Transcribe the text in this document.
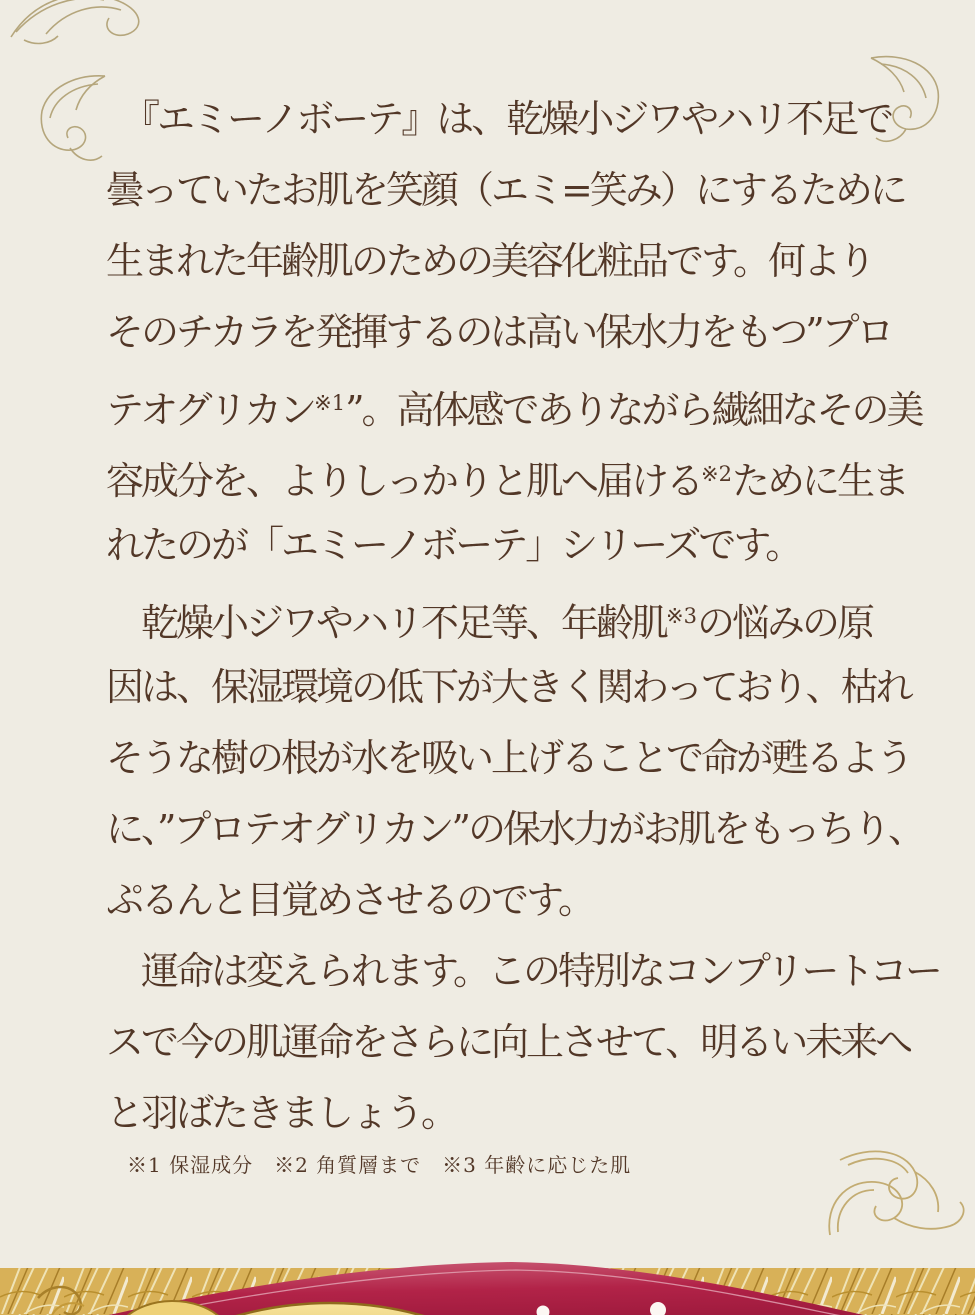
　『エミーノボーテ』は、乾燥小ジワやハリ不足で
曇っていたお肌を笑顔（エミ=笑み）にするために
生まれた年齢肌のための美容化粧品です。何より
そのチカラを発揮するのは高い保水力をもつ”プロ
テオグリカン$^{※1}$”。高体感でありながら繊細なその美
容成分を、よりしっかりと肌へ届ける$^{※2}$ために生ま
れたのが「エミーノボーテ」シリーズです。
　乾燥小ジワやハリ不足等、年齢肌$^{※3}$の悩みの原
因は、保湿環境の低下が大きく関わっており、枯れ
そうな樹の根が水を吸い上げることで命が甦るよう
に、”プロテオグリカン”の保水力がお肌をもっちり、
ぷるんと目覚めさせるのです。
　運命は変えられます。この特別なコンプリートコー
スで今の肌運命をさらに向上させて、明るい未来へ
と羽ばたきましょう。
※1 保湿成分　※2 角質層まで　※3 年齢に応じた肌
